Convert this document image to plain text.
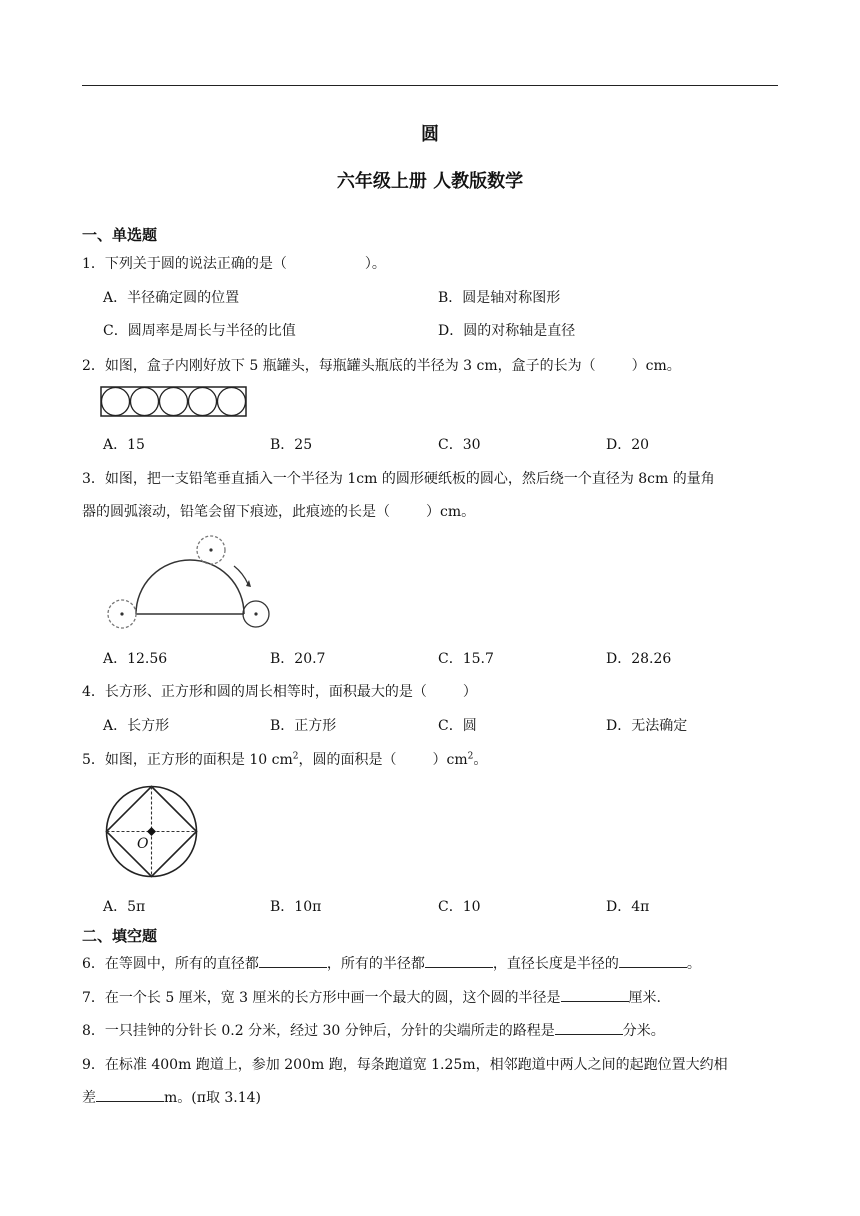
圆
六年级上册 人教版数学
一、单选题
1．下列关于圆的说法正确的是（	）。
A．半径确定圆的位置	B．圆是轴对称图形
C．圆周率是周长与半径的比值	D．圆的对称轴是直径
2．如图，盒子内刚好放下 5 瓶罐头，每瓶罐头瓶底的半径为 3 cm，盒子的长为（	）cm。
A．15	B．25	C．30	D．20
3．如图，把一支铅笔垂直插入一个半径为 1cm 的圆形硬纸板的圆心，然后绕一个直径为 8cm 的量角
器的圆弧滚动，铅笔会留下痕迹，此痕迹的长是（	）cm。
A．12.56	B．20.7	C．15.7	D．28.26
4．长方形、正方形和圆的周长相等时，面积最大的是（	）
A．长方形	B．正方形	C．圆	D．无法确定
5．如图，正方形的面积是 10 $cm^2$，圆的面积是（	）$cm^2$。
O
A．5π	B．10π	C．10	D．4π
二、填空题
6．在等圆中，所有的直径都	，所有的半径都	，直径长度是半径的	。
7．在一个长 5 厘米，宽 3 厘米的长方形中画一个最大的圆，这个圆的半径是	厘米.
8．一只挂钟的分针长 0.2 分米，经过 30 分钟后，分针的尖端所走的路程是	分米。
9．在标准 400m 跑道上，参加 200m 跑，每条跑道宽 1.25m，相邻跑道中两人之间的起跑位置大约相
差	m。(π取 3.14)
